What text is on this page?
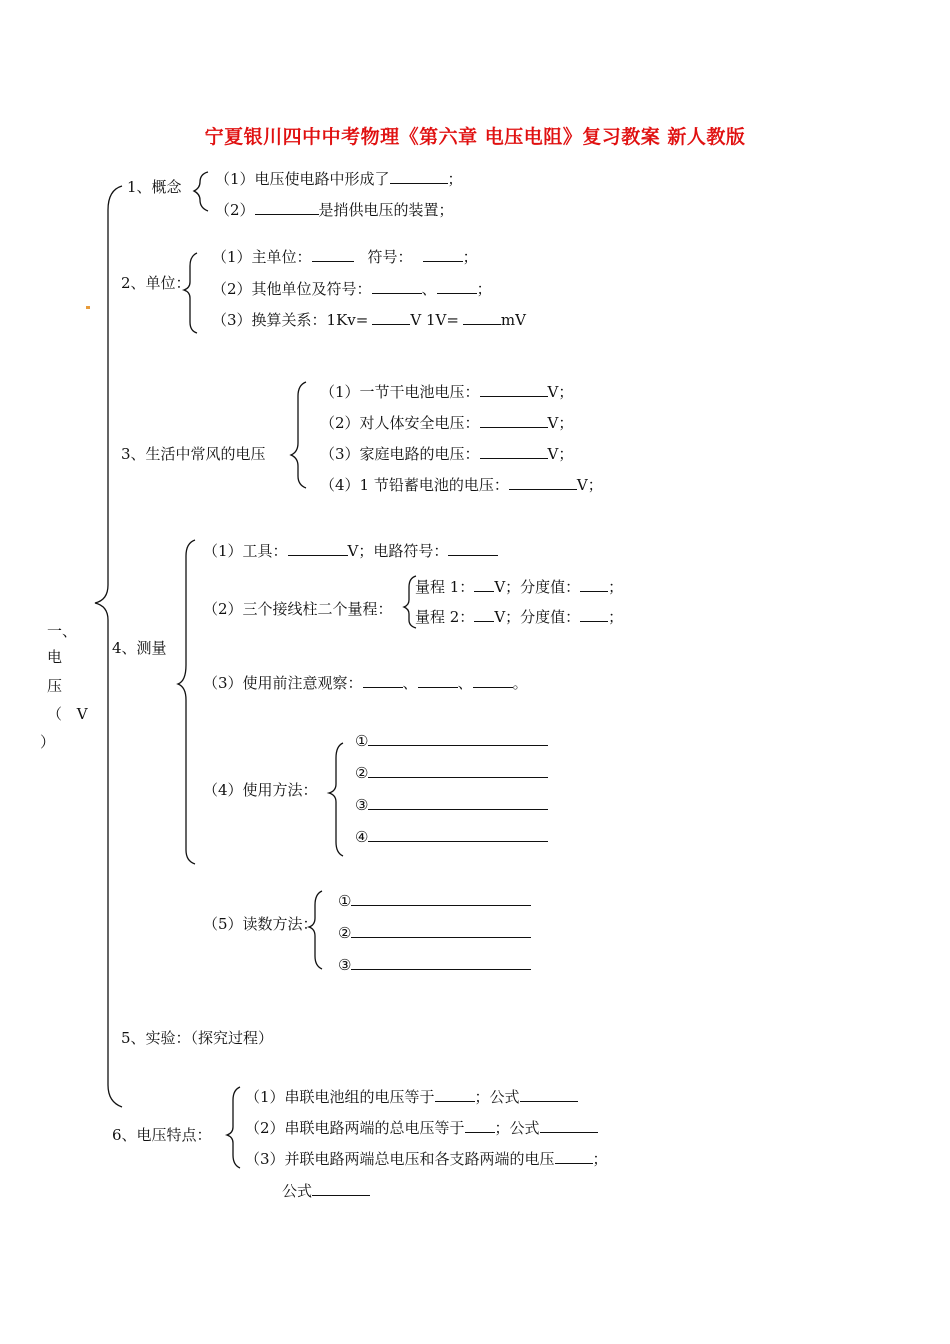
宁夏银川四中中考物理《第六章 电压电阻》复习教案 新人教版
一、
电
压
（ V
）
1、概念 （1）电压使电路中形成了	；
（2）	是捎供电压的装置；
2、单位：
（1）主单位：	符号：	；
（2）其他单位及符号：	、	；
（3）换算关系：1Kv=	V 1V=	mV
3、生活中常风的电压
（1）一节干电池电压：	V；
（2）对人体安全电压：	V；
（3）家庭电路的电压：	V；
（4）1 节铅蓄电池的电压：	V；
4、测量
（1）工具：	V；电路符号：
（2）三个接线柱二个量程：
量程 1： V；分度值： ；
量程 2： V；分度值： ；
（3）使用前注意观察：	、	、	。
（4）使用方法：
①
②
③
④
（5）读数方法：
①
②
③
5、实验：（探究过程）
6、电压特点：
（1）串联电池组的电压等于	；公式
（2）串联电路两端的总电压等于 ；公式
（3）并联电路两端总电压和各支路两端的电压	；
公式
